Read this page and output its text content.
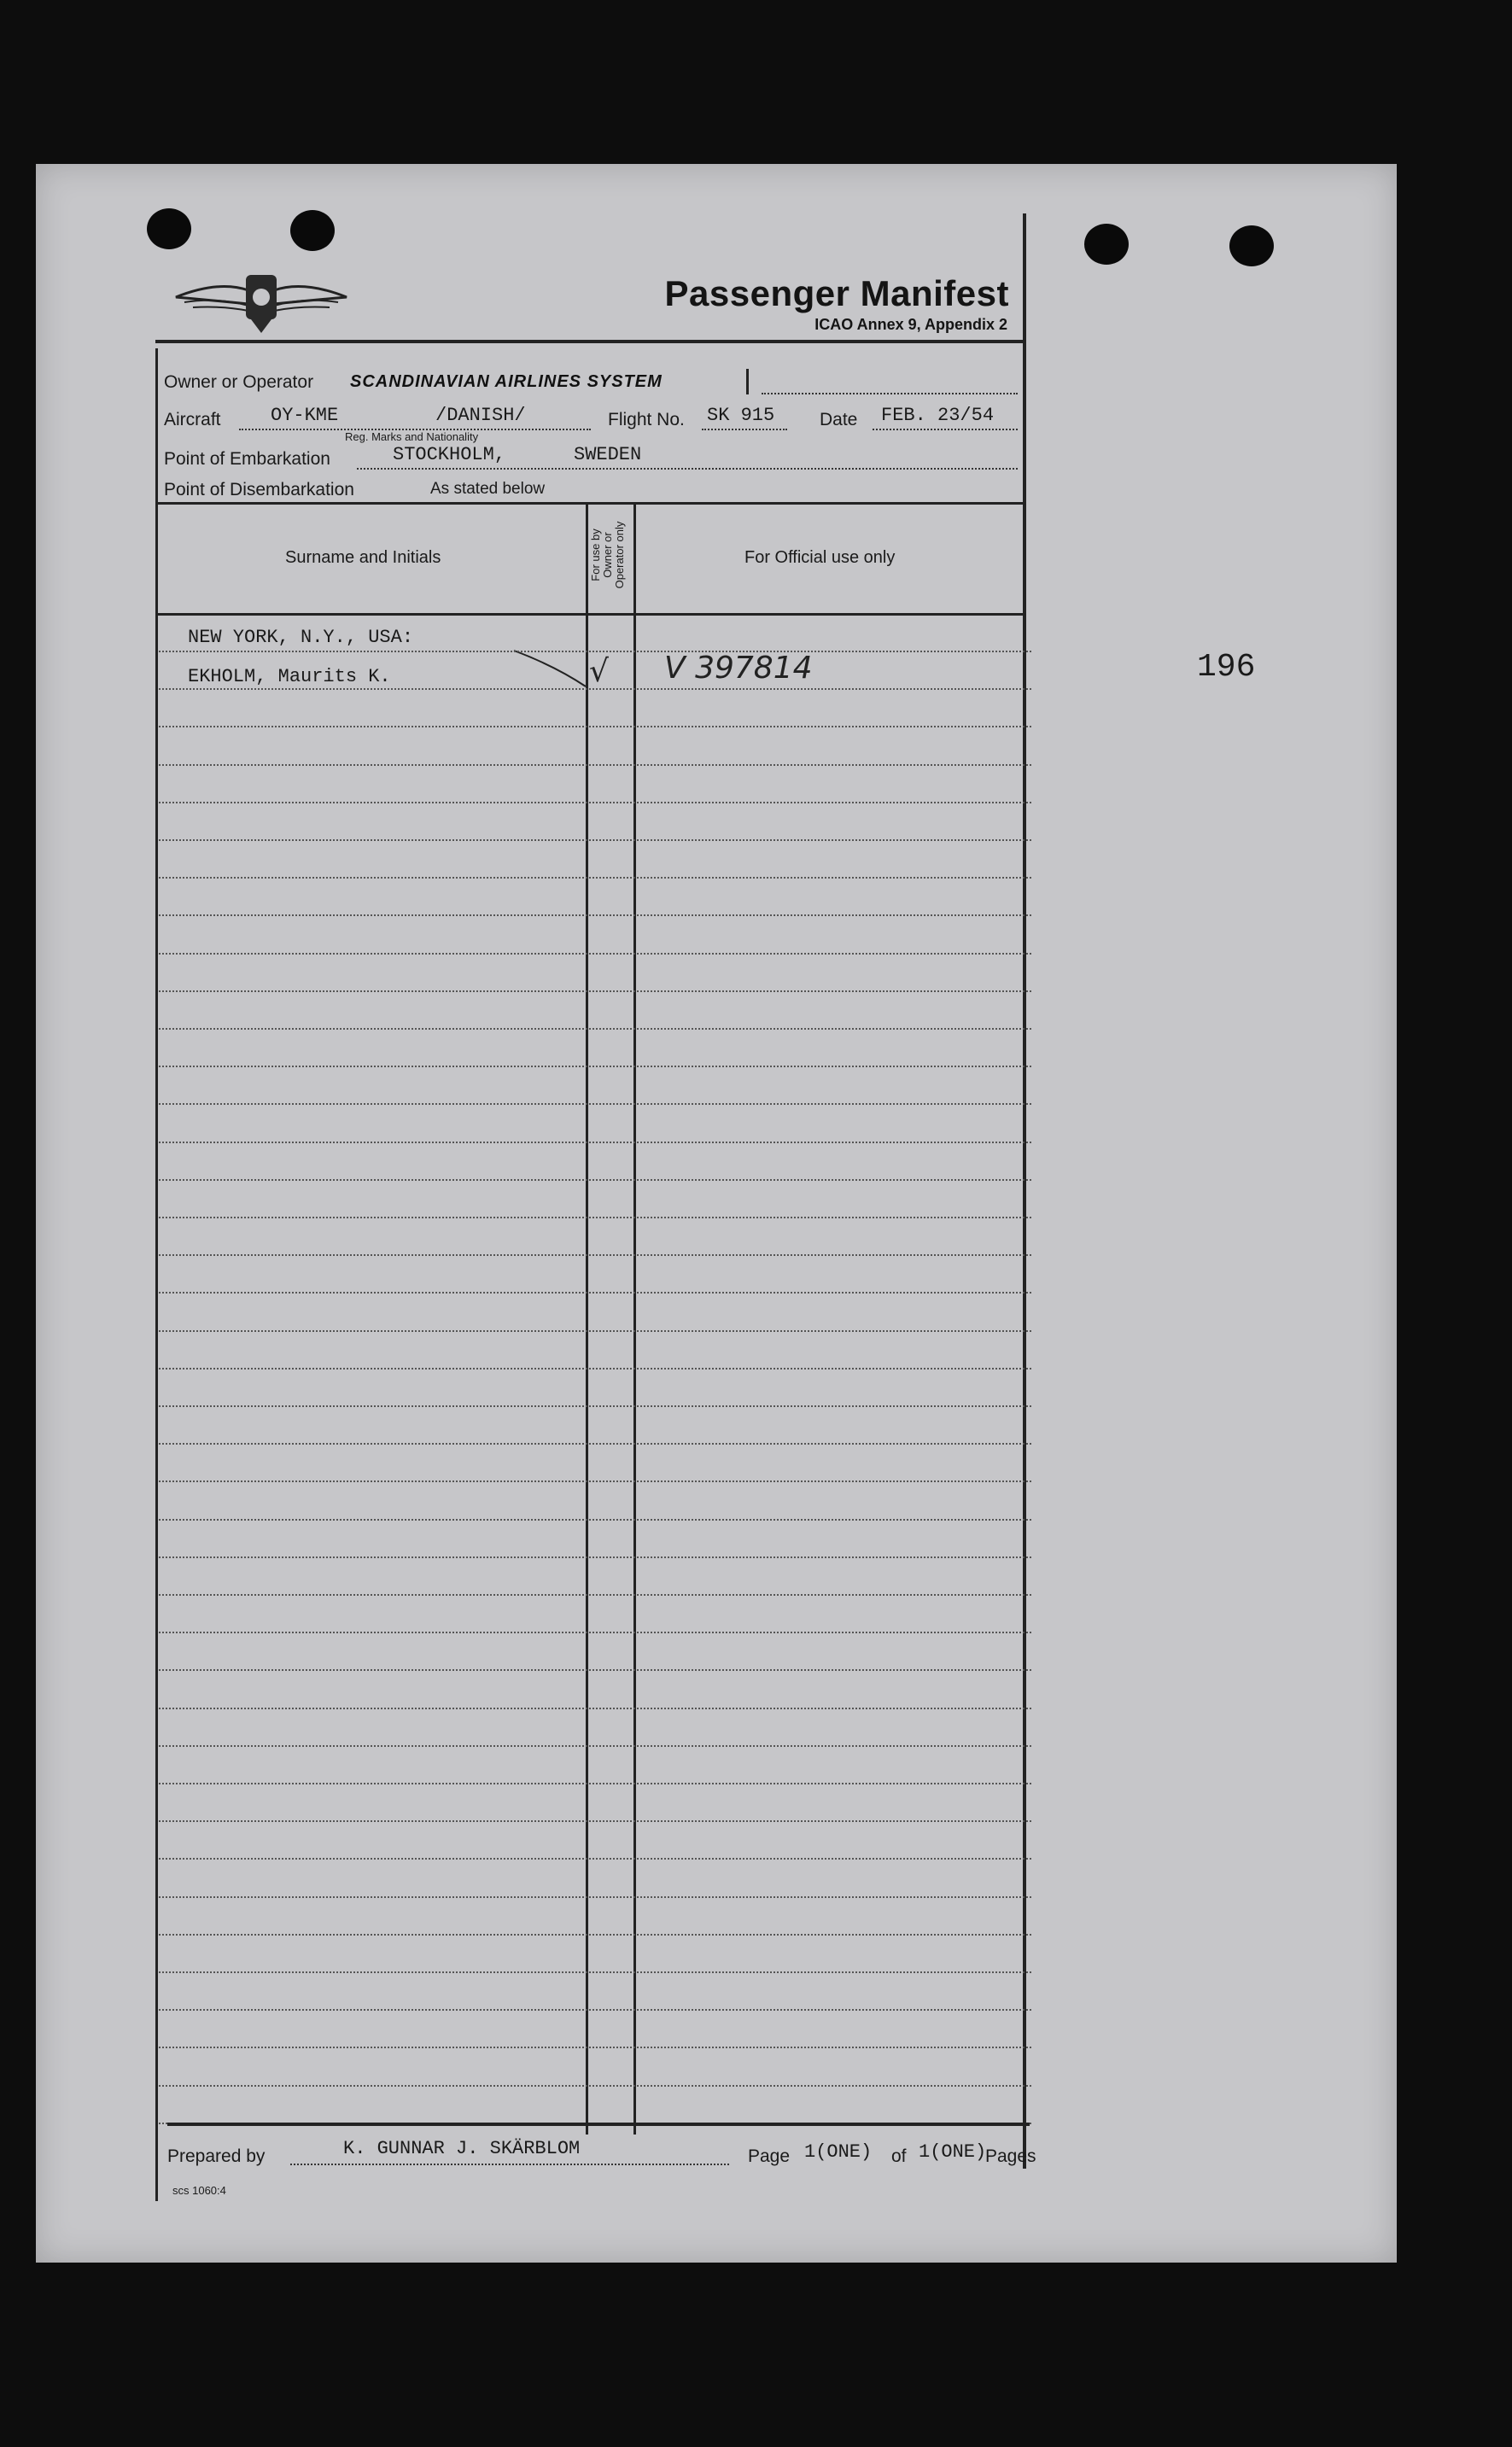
196
Passenger Manifest
ICAO Annex 9, Appendix 2
Owner or Operator SCANDINAVIAN AIRLINES SYSTEM
Aircraft	OY-KME	/DANISH/
Reg. Marks and Nationality
Flight No. SK 915	Date FEB. 23/54
Point of Embarkation	STOCKHOLM,	SWEDEN
Point of Disembarkation	As stated below
Surname and Initials	For use by
Owner or
Operator only	For Official use only
NEW YORK, N.Y., USA:
EKHOLM, Maurits K.	√ V 397814
Prepared by	K. GUNNAR J. SKÄRBLOM	Page 1(ONE) of 1(ONE)
Pages
scs 1060:4
